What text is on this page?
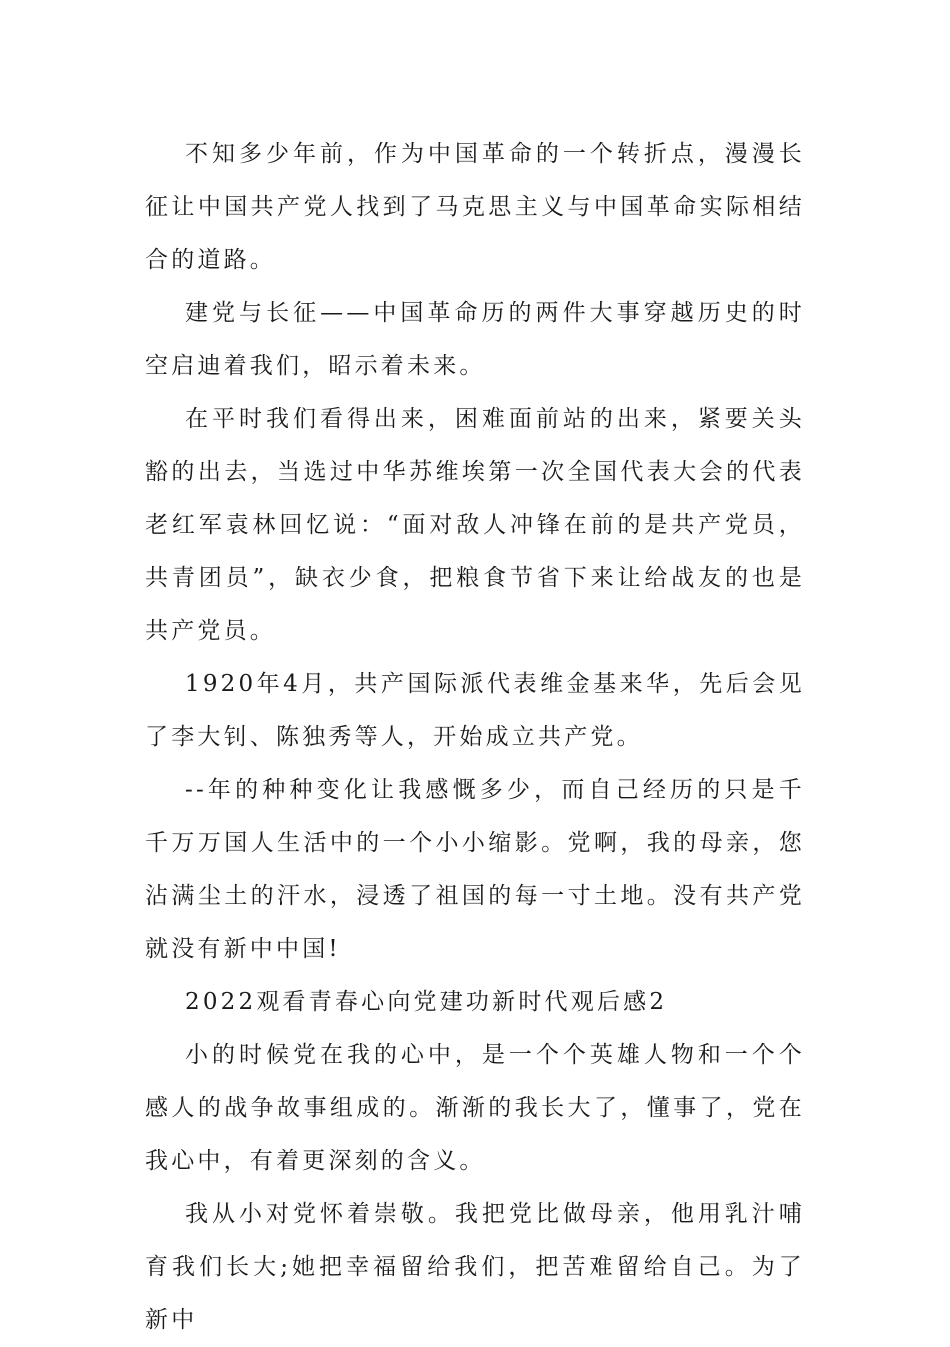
不知多少年前，作为中国革命的一个转折点，漫漫长征让中国共产党人找到了马克思主义与中国革命实际相结合的道路。

建党与长征——中国革命历的两件大事穿越历史的时空启迪着我们，昭示着未来。

在平时我们看得出来，困难面前站的出来，紧要关头豁的出去，当选过中华苏维埃第一次全国代表大会的代表老红军袁林回忆说：“面对敌人冲锋在前的是共产党员，共青团员”，缺衣少食，把粮食节省下来让给战友的也是共产党员。

1920年4月，共产国际派代表维金基来华，先后会见了李大钊、陈独秀等人，开始成立共产党。

--年的种种变化让我感慨多少，而自己经历的只是千千万万国人生活中的一个小小缩影。党啊，我的母亲，您沾满尘土的汗水，浸透了祖国的每一寸土地。没有共产党就没有新中中国!

2022观看青春心向党建功新时代观后感2

小的时候党在我的心中，是一个个英雄人物和一个个感人的战争故事组成的。渐渐的我长大了，懂事了，党在我心中，有着更深刻的含义。

我从小对党怀着崇敬。我把党比做母亲，他用乳汁哺育我们长大;她把幸福留给我们，把苦难留给自己。为了新中
